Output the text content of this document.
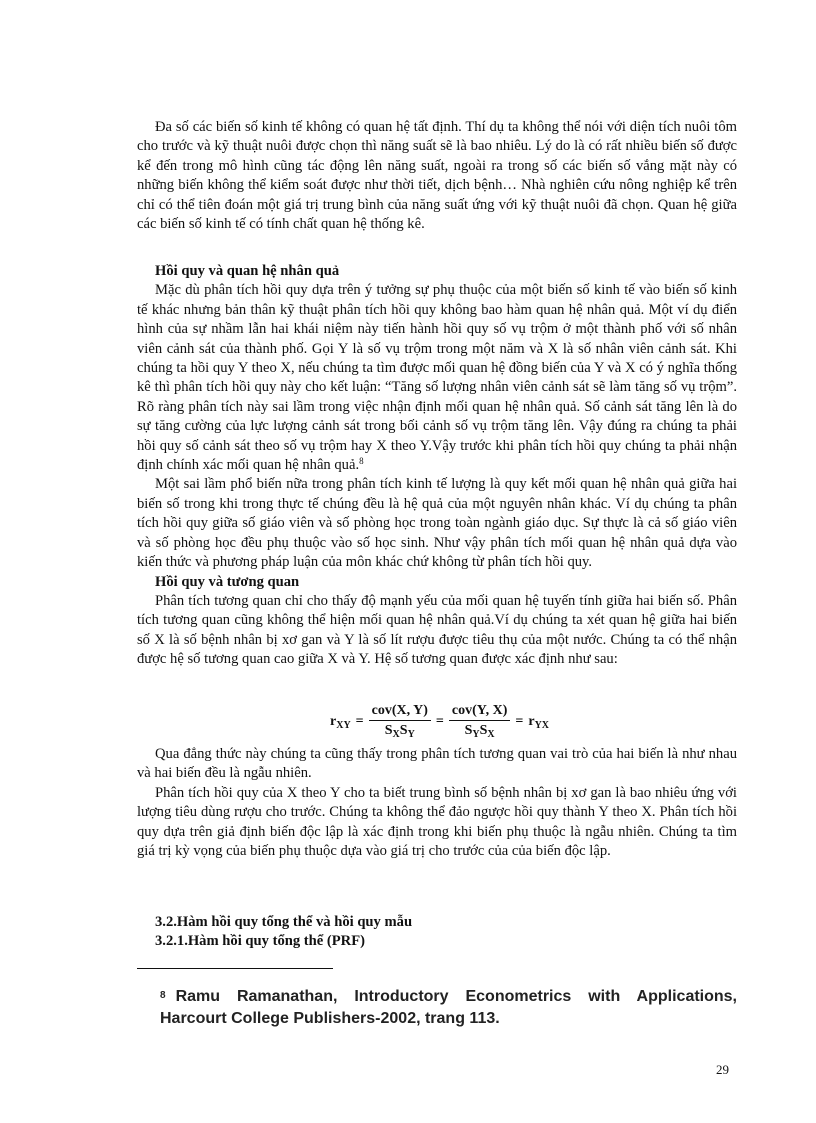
Đa số các biến số kinh tế không có quan hệ tất định. Thí dụ ta không thể nói với diện tích nuôi tôm cho trước và kỹ thuật nuôi được chọn thì năng suất sẽ là bao nhiêu. Lý do là có rất nhiều biến số được kể đến trong mô hình cũng tác động lên năng suất, ngoài ra trong số các biến số vắng mặt này có những biến không thể kiểm soát được như thời tiết, dịch bệnh… Nhà nghiên cứu nông nghiệp kể trên chỉ có thể tiên đoán một giá trị trung bình của năng suất ứng với kỹ thuật nuôi đã chọn. Quan hệ giữa các biến số kinh tế có tính chất quan hệ thống kê.

Hồi quy và quan hệ nhân quả

Mặc dù phân tích hồi quy dựa trên ý tưởng sự phụ thuộc của một biến số kinh tế vào biến số kinh tế khác nhưng bản thân kỹ thuật phân tích hồi quy không bao hàm quan hệ nhân quả. Một ví dụ điển hình của sự nhầm lẫn hai khái niệm này tiến hành hồi quy số vụ trộm ở một thành phố với số nhân viên cảnh sát của thành phố. Gọi Y là số vụ trộm trong một năm và X là số nhân viên cảnh sát. Khi chúng ta hồi quy Y theo X, nếu chúng ta tìm được mối quan hệ đồng biến của Y và X có ý nghĩa thống kê thì phân tích hồi quy này cho kết luận: “Tăng số lượng nhân viên cảnh sát sẽ làm tăng số vụ trộm”. Rõ ràng phân tích này sai lầm trong việc nhận định mối quan hệ nhân quả. Số cảnh sát tăng lên là do sự tăng cường của lực lượng cảnh sát trong bối cảnh số vụ trộm tăng lên. Vậy đúng ra chúng ta phải hồi quy số cảnh sát theo số vụ trộm hay X theo Y.Vậy trước khi phân tích hồi quy chúng ta phải nhận định chính xác mối quan hệ nhân quả.$^8$

Một sai lầm phổ biến nữa trong phân tích kinh tế lượng là quy kết mối quan hệ nhân quả giữa hai biến số trong khi trong thực tế chúng đều là hệ quả của một nguyên nhân khác. Ví dụ chúng ta phân tích hồi quy giữa số giáo viên và số phòng học trong toàn ngành giáo dục. Sự thực là cả số giáo viên và số phòng học đều phụ thuộc vào số học sinh. Như vậy phân tích mối quan hệ nhân quả dựa vào kiến thức và phương pháp luận của môn khác chứ không từ phân tích hồi quy.

Hồi quy và tương quan

Phân tích tương quan chỉ cho thấy độ mạnh yếu của mối quan hệ tuyến tính giữa hai biến số. Phân tích tương quan cũng không thể hiện mối quan hệ nhân quả.Ví dụ chúng ta xét quan hệ giữa hai biến số X là số bệnh nhân bị xơ gan và Y là số lít rượu được tiêu thụ của một nước. Chúng ta có thể nhận được hệ số tương quan cao giữa X và Y. Hệ số tương quan được xác định như sau:

$r_{XY} = \frac{\text{cov(X, Y)}}{S_XS_Y} = \frac{\text{cov(Y, X)}}{S_YS_X} = r_{YX}$

Qua đẳng thức này chúng ta cũng thấy trong phân tích tương quan vai trò của hai biến là như nhau và hai biến đều là ngẫu nhiên.

Phân tích hồi quy của X theo Y cho ta biết trung bình số bệnh nhân bị xơ gan là bao nhiêu ứng với lượng tiêu dùng rượu cho trước. Chúng ta không thể đảo ngược hồi quy thành Y theo X. Phân tích hồi quy dựa trên giả định biến độc lập là xác định trong khi biến phụ thuộc là ngẫu nhiên. Chúng ta tìm giá trị kỳ vọng của biến phụ thuộc dựa vào giá trị cho trước của của biến độc lập.

3.2.Hàm hồi quy tổng thể và hồi quy mẫu
3.2.1.Hàm hồi quy tổng thể (PRF)
8 Ramu Ramanathan, Introductory Econometrics with Applications, Harcourt College Publishers-2002, trang 113.
29
